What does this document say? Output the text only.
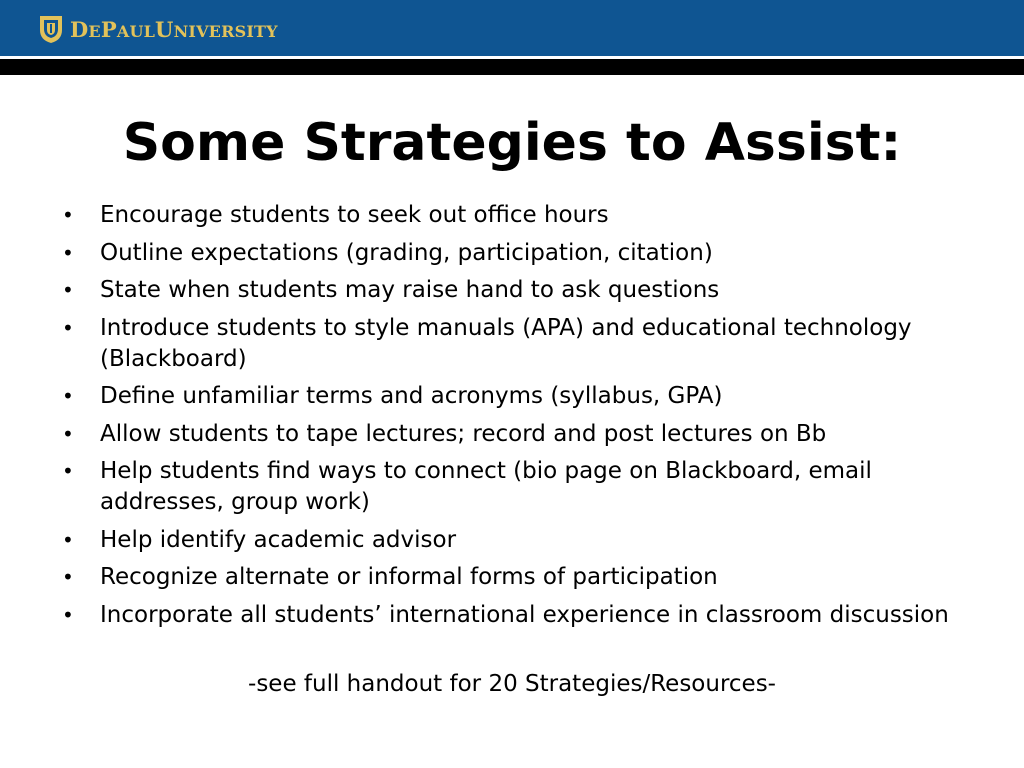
DEPAULUNIVERSITY
Some Strategies to Assist:
• Encourage students to seek out office hours
• Outline expectations (grading, participation, citation)
• State when students may raise hand to ask questions
• Introduce students to style manuals (APA) and educational technology (Blackboard)
• Define unfamiliar terms and acronyms (syllabus, GPA)
• Allow students to tape lectures; record and post lectures on Bb
• Help students find ways to connect (bio page on Blackboard, email addresses, group work)
• Help identify academic advisor
• Recognize alternate or informal forms of participation
• Incorporate all students’ international experience in classroom discussion
-see full handout for 20 Strategies/Resources-
